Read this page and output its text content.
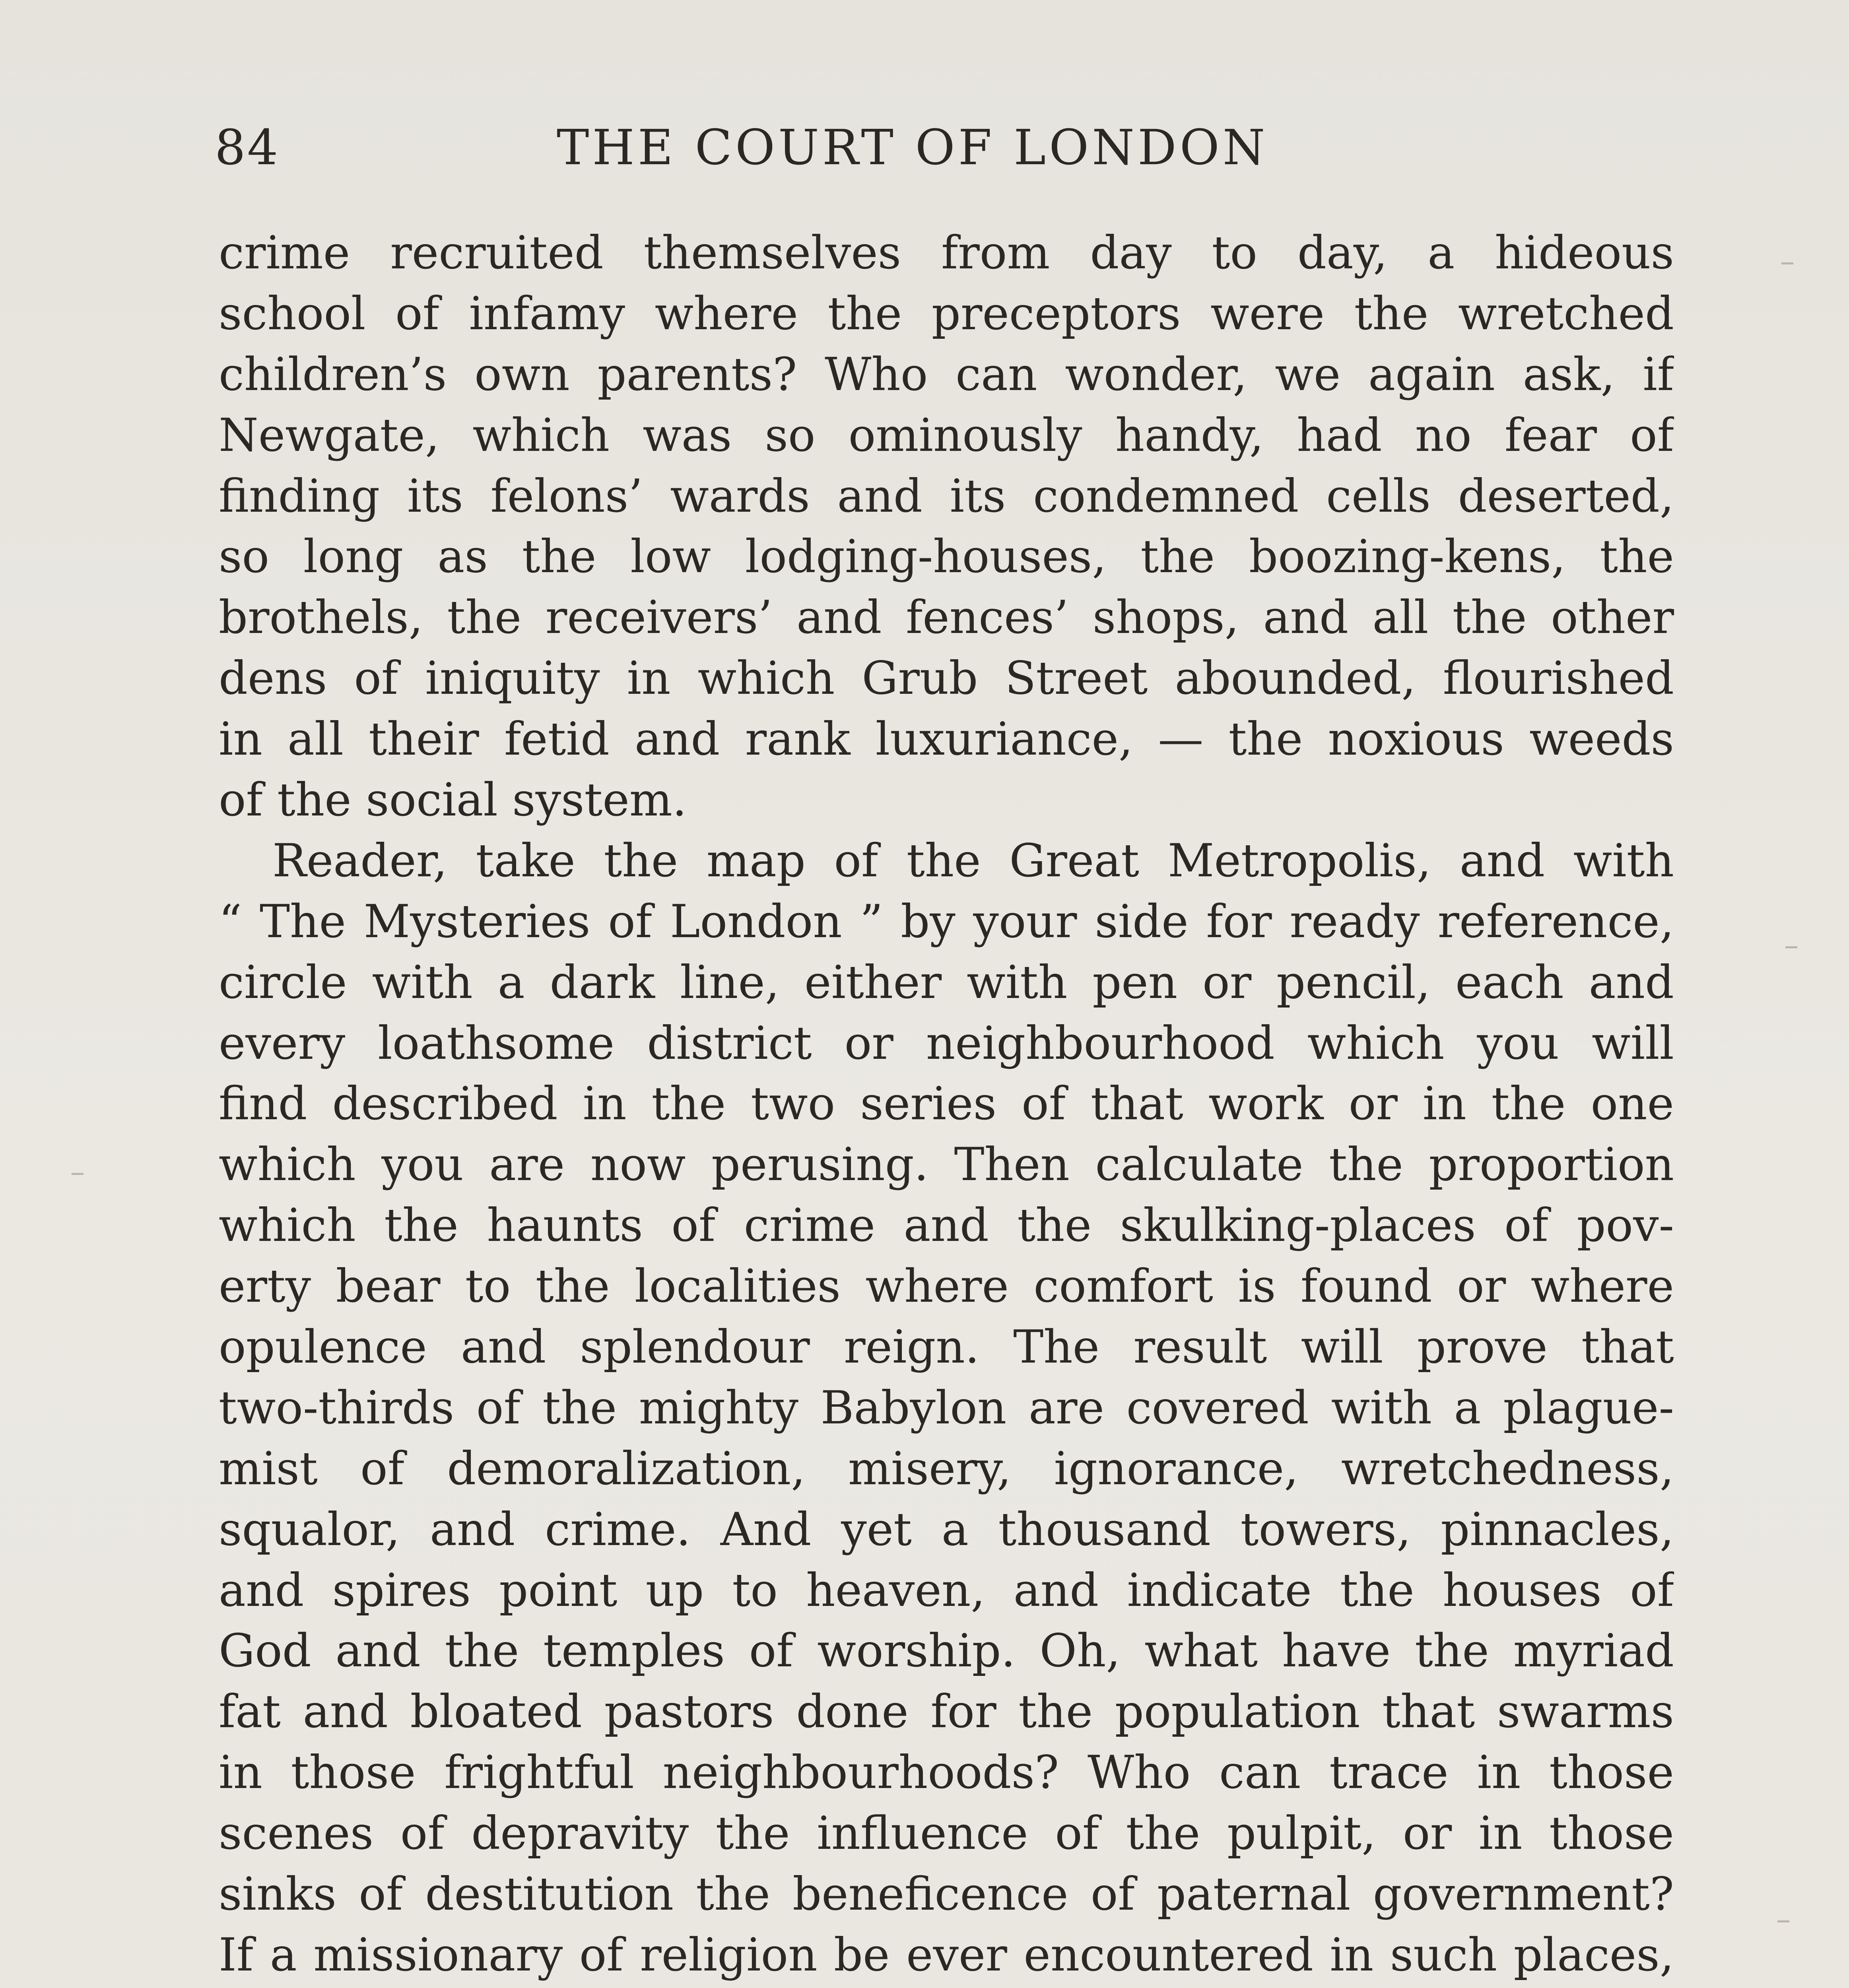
84	THE COURT OF LONDON
crime recruited themselves from day to day, a hideous
school of infamy where the preceptors were the wretched
children’s own parents? Who can wonder, we again ask, if
Newgate, which was so ominously handy, had no fear of
finding its felons’ wards and its condemned cells deserted,
so long as the low lodging-houses, the boozing-kens, the
brothels, the receivers’ and fences’ shops, and all the other
dens of iniquity in which Grub Street abounded, flourished
in all their fetid and rank luxuriance, — the noxious weeds
of the social system.
Reader, take the map of the Great Metropolis, and with
“ The Mysteries of London ” by your side for ready reference,
circle with a dark line, either with pen or pencil, each and
every loathsome district or neighbourhood which you will
find described in the two series of that work or in the one
which you are now perusing. Then calculate the proportion
which the haunts of crime and the skulking-places of pov-
erty bear to the localities where comfort is found or where
opulence and splendour reign. The result will prove that
two-thirds of the mighty Babylon are covered with a plague-
mist of demoralization, misery, ignorance, wretchedness,
squalor, and crime. And yet a thousand towers, pinnacles,
and spires point up to heaven, and indicate the houses of
God and the temples of worship. Oh, what have the myriad
fat and bloated pastors done for the population that swarms
in those frightful neighbourhoods? Who can trace in those
scenes of depravity the influence of the pulpit, or in those
sinks of destitution the beneficence of paternal government?
If a missionary of religion be ever encountered in such places,
